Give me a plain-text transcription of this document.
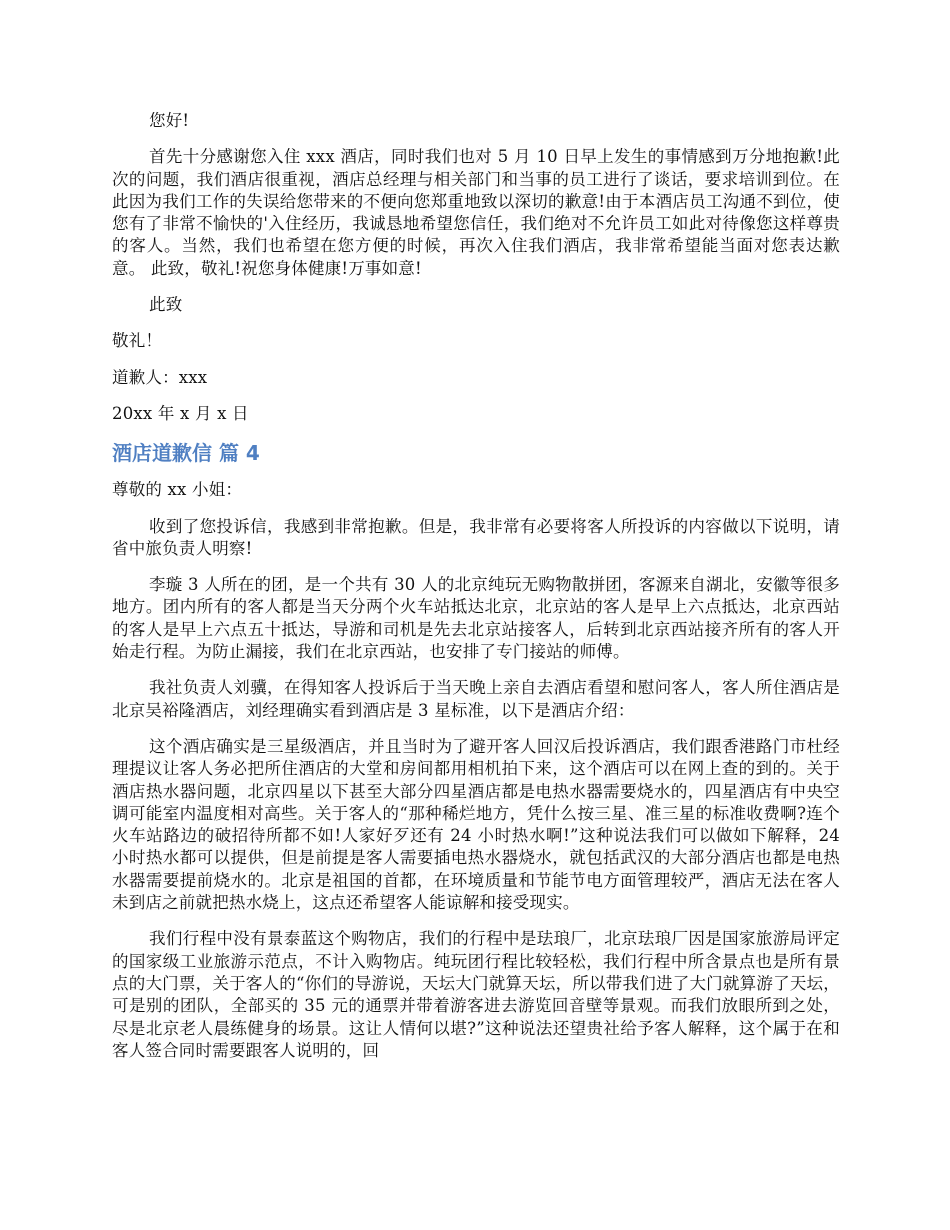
您好!

首先十分感谢您入住 xxx 酒店，同时我们也对 5 月 10 日早上发生的事情感到万分地抱歉!此次的问题，我们酒店很重视，酒店总经理与相关部门和当事的员工进行了谈话，要求培训到位。在此因为我们工作的失误给您带来的不便向您郑重地致以深切的歉意!由于本酒店员工沟通不到位，使您有了非常不愉快的'入住经历，我诚恳地希望您信任，我们绝对不允许员工如此对待像您这样尊贵的客人。当然，我们也希望在您方便的时候，再次入住我们酒店，我非常希望能当面对您表达歉意。 此致，敬礼!祝您身体健康!万事如意!

此致

敬礼！

道歉人：xxx

20xx 年 x 月 x 日

酒店道歉信 篇 4

尊敬的 xx 小姐：

收到了您投诉信，我感到非常抱歉。但是，我非常有必要将客人所投诉的内容做以下说明，请省中旅负责人明察!

李璇 3 人所在的团，是一个共有 30 人的北京纯玩无购物散拼团，客源来自湖北，安徽等很多地方。团内所有的客人都是当天分两个火车站抵达北京，北京站的客人是早上六点抵达，北京西站的客人是早上六点五十抵达，导游和司机是先去北京站接客人，后转到北京西站接齐所有的客人开始走行程。为防止漏接，我们在北京西站，也安排了专门接站的师傅。

我社负责人刘骥，在得知客人投诉后于当天晚上亲自去酒店看望和慰问客人，客人所住酒店是北京吴裕隆酒店，刘经理确实看到酒店是 3 星标准，以下是酒店介绍：

这个酒店确实是三星级酒店，并且当时为了避开客人回汉后投诉酒店，我们跟香港路门市杜经理提议让客人务必把所住酒店的大堂和房间都用相机拍下来，这个酒店可以在网上查的到的。关于酒店热水器问题，北京四星以下甚至大部分四星酒店都是电热水器需要烧水的，四星酒店有中央空调可能室内温度相对高些。关于客人的“那种稀烂地方，凭什么按三星、准三星的标准收费啊?连个火车站路边的破招待所都不如!人家好歹还有 24 小时热水啊!”这种说法我们可以做如下解释，24 小时热水都可以提供，但是前提是客人需要插电热水器烧水，就包括武汉的大部分酒店也都是电热水器需要提前烧水的。北京是祖国的首都，在环境质量和节能节电方面管理较严，酒店无法在客人未到店之前就把热水烧上，这点还希望客人能谅解和接受现实。

我们行程中没有景泰蓝这个购物店，我们的行程中是珐琅厂，北京珐琅厂因是国家旅游局评定的国家级工业旅游示范点，不计入购物店。纯玩团行程比较轻松，我们行程中所含景点也是所有景点的大门票，关于客人的“你们的导游说，天坛大门就算天坛，所以带我们进了大门就算游了天坛，可是别的团队，全部买的 35 元的通票并带着游客进去游览回音壁等景观。而我们放眼所到之处，尽是北京老人晨练健身的场景。这让人情何以堪?”这种说法还望贵社给予客人解释，这个属于在和客人签合同时需要跟客人说明的，回
